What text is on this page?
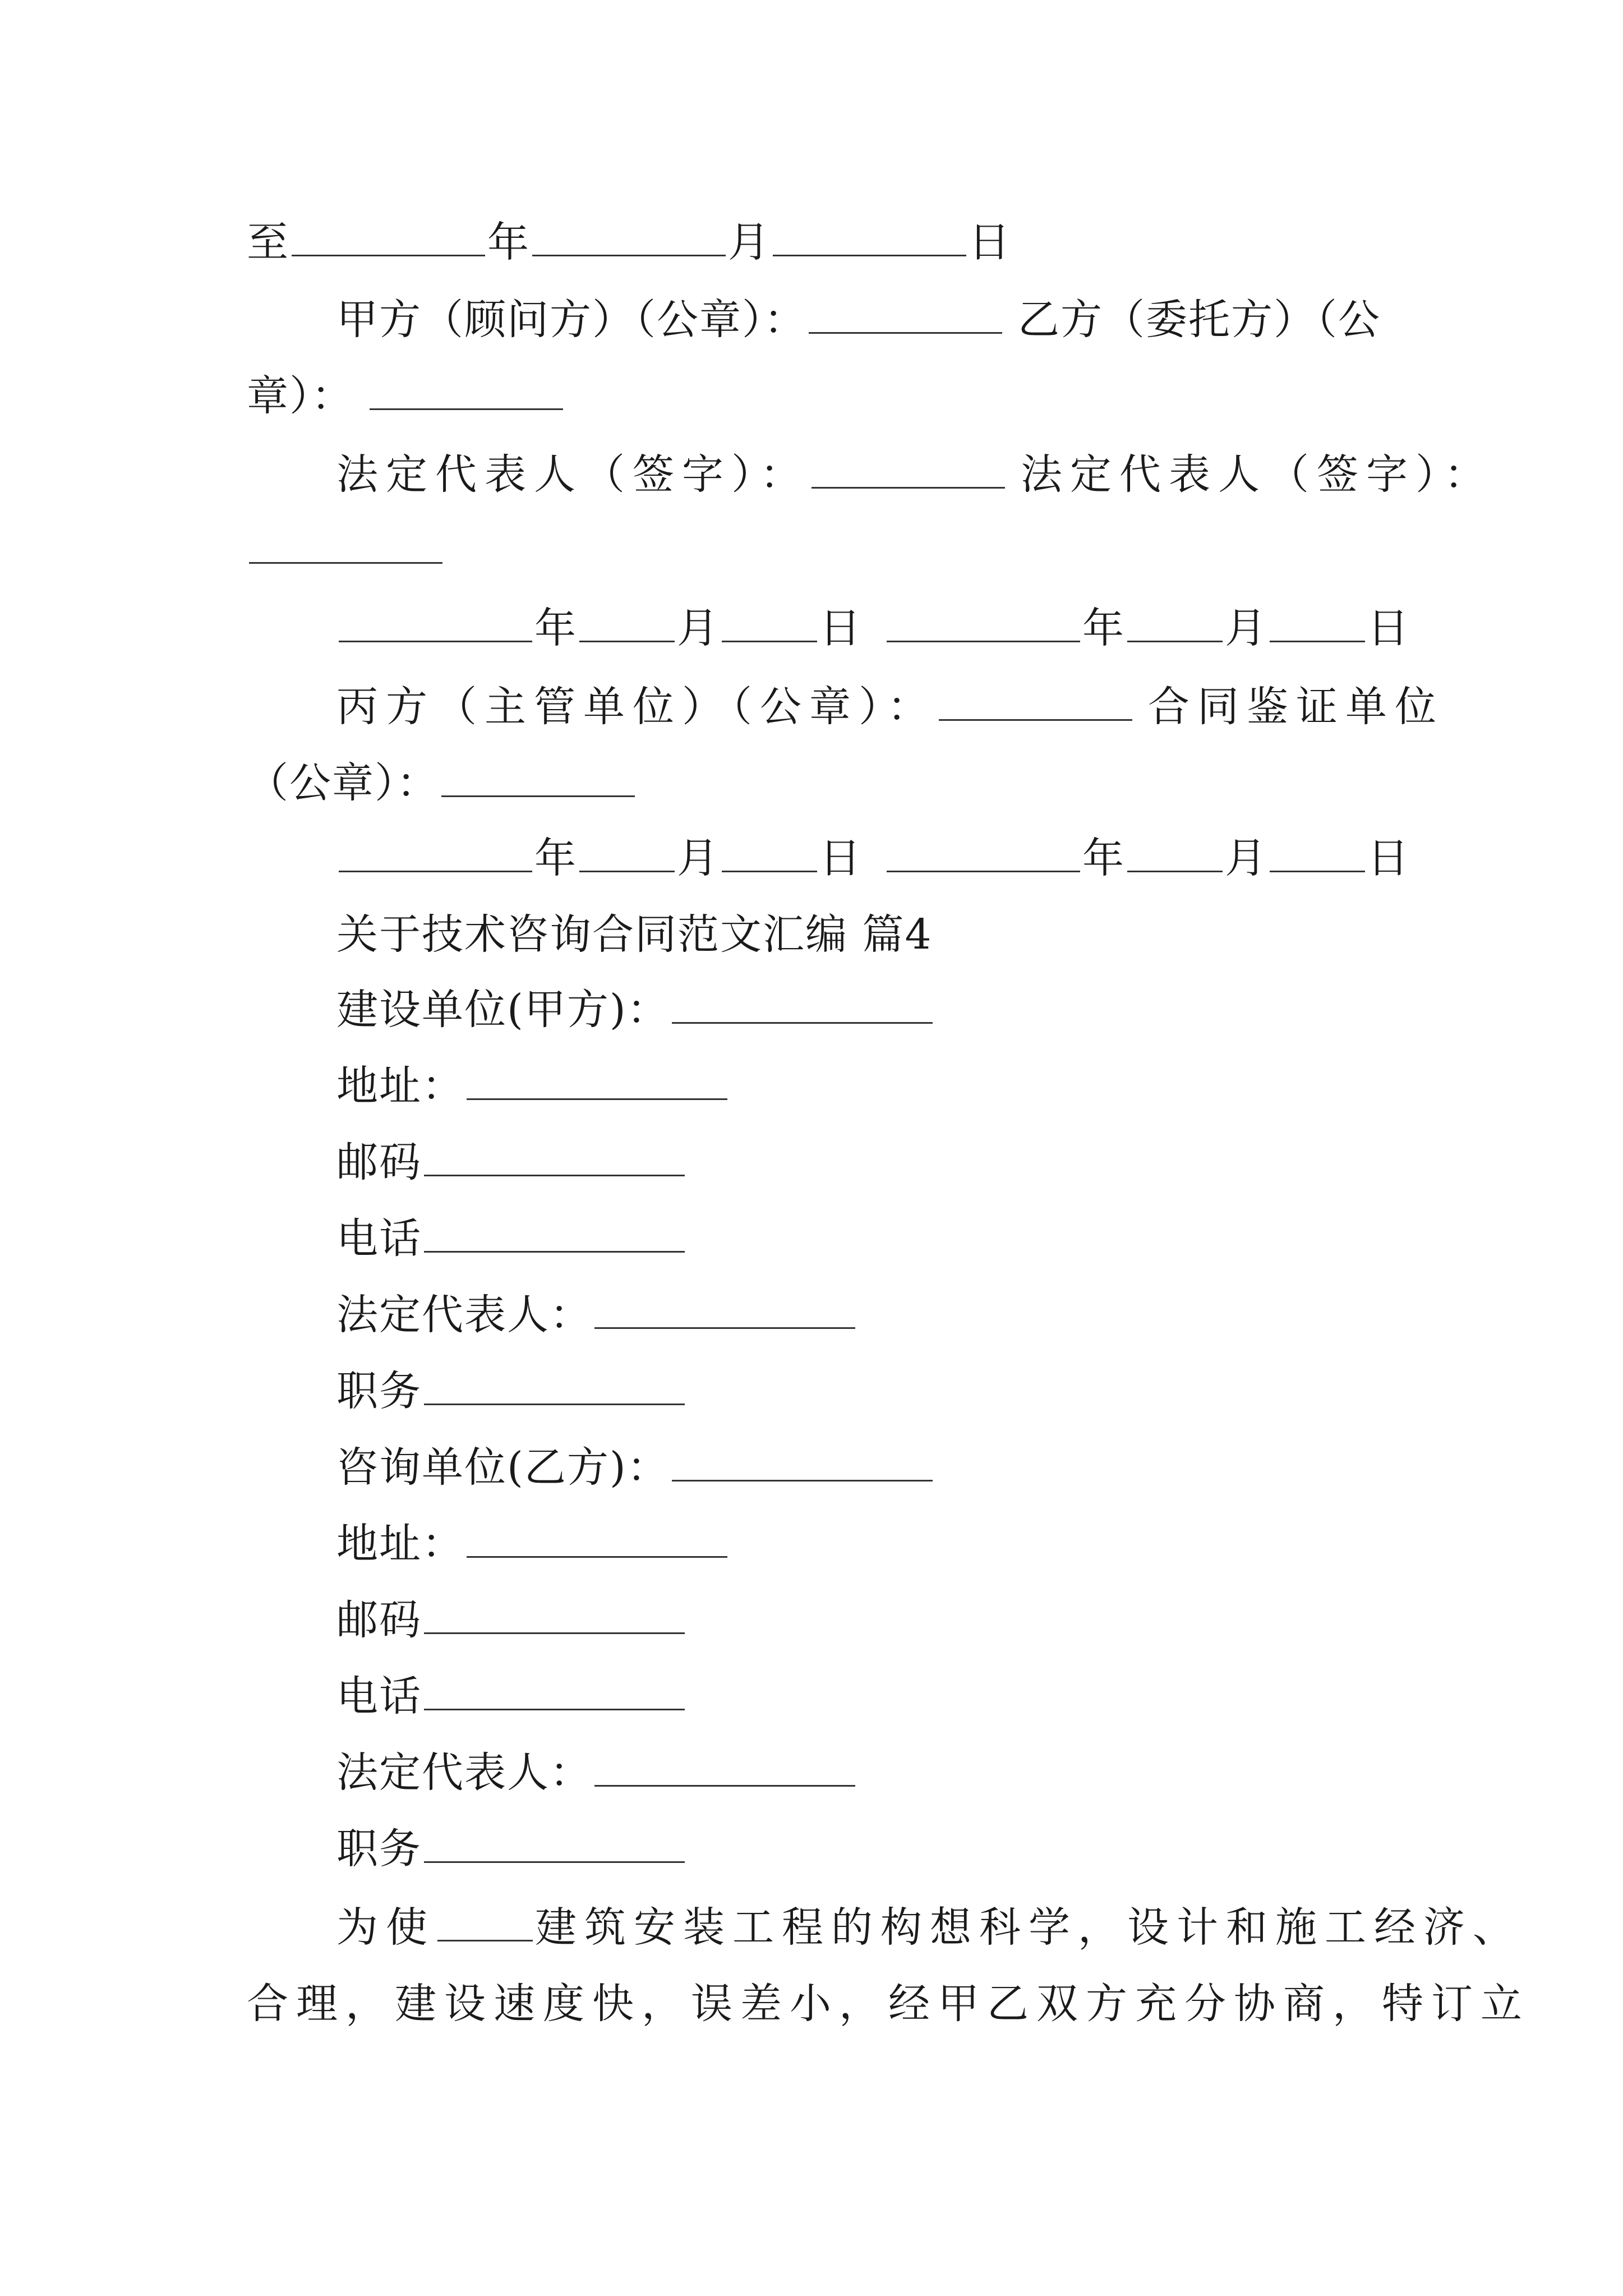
至	年	月	日
甲方（顾问方）（公章）：	乙方（委托方）（公
章）：
法定代表人（签字）：	法定代表人（签字）：
年 月 日	年 月 日
丙方（主管单位）（公章）：	合同鉴证单位
（公章）：
年 月 日	年 月 日
关于技术咨询合同范文汇编 篇4
建设单位(甲方)：
地址：
邮码
电话
法定代表人：
职务
咨询单位(乙方)：
地址：
邮码
电话
法定代表人：
职务
为使 建筑安装工程的构想科学，设计和施工经济、
合理，建设速度快，误差小，经甲乙双方充分协商，特订立
